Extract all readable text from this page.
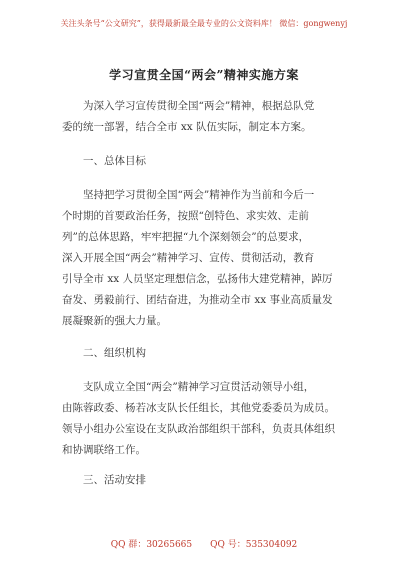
关注头条号“公文研究”，获得最新最全最专业的公文资料库！ 微信：gongwenyj
学习宣贯全国“两会”精神实施方案

为深入学习宣传贯彻全国“两会”精神，根据总队党
委的统一部署，结合全市 xx 队伍实际，制定本方案。

一、总体目标

坚持把学习贯彻全国“两会”精神作为当前和今后一
个时期的首要政治任务，按照“创特色、求实效、走前
列”的总体思路，牢牢把握“九个深刻领会”的总要求，
深入开展全国“两会”精神学习、宣传、贯彻活动，教育
引导全市 xx 人员坚定理想信念，弘扬伟大建党精神，踔厉
奋发、勇毅前行、团结奋进，为推动全市 xx 事业高质量发
展凝聚新的强大力量。

二、组织机构

支队成立全国“两会”精神学习宣贯活动领导小组，
由陈蓉政委、杨若冰支队长任组长，其他党委委员为成员。
领导小组办公室设在支队政治部组织干部科，负责具体组织
和协调联络工作。

三、活动安排
QQ 群：30265665　　QQ 号：535304092
